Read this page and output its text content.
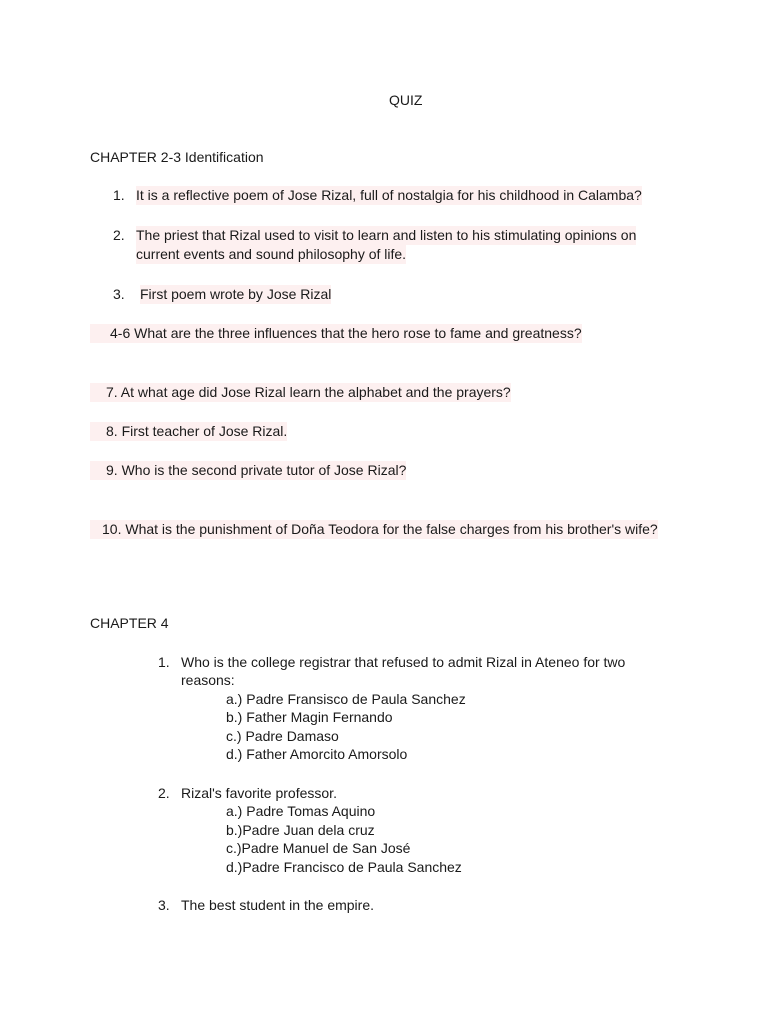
QUIZ
CHAPTER 2-3 Identification
1. It is a reflective poem of Jose Rizal, full of nostalgia for his childhood in Calamba?
2. The priest that Rizal used to visit to learn and listen to his stimulating opinions on
current events and sound philosophy of life.
3. First poem wrote by Jose Rizal
4-6 What are the three influences that the hero rose to fame and greatness?
7. At what age did Jose Rizal learn the alphabet and the prayers?
8. First teacher of Jose Rizal.
9. Who is the second private tutor of Jose Rizal?
10. What is the punishment of Doña Teodora for the false charges from his brother's wife?
CHAPTER 4
1. Who is the college registrar that refused to admit Rizal in Ateneo for two
reasons:
a.) Padre Fransisco de Paula Sanchez
b.) Father Magin Fernando
c.) Padre Damaso
d.) Father Amorcito Amorsolo
2. Rizal's favorite professor.
a.) Padre Tomas Aquino
b.)Padre Juan dela cruz
c.)Padre Manuel de San José
d.)Padre Francisco de Paula Sanchez
3. The best student in the empire.
